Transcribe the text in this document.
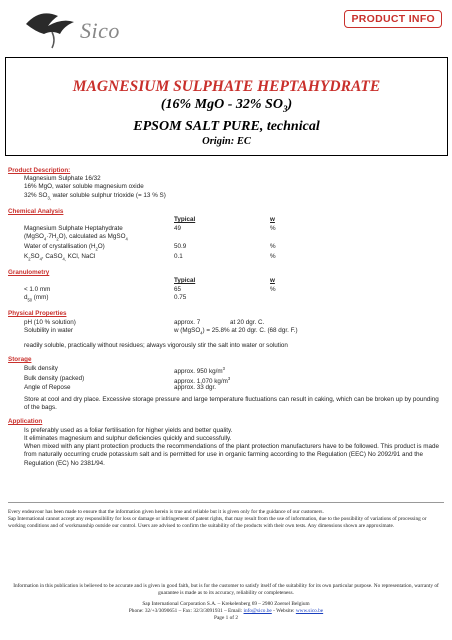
Sico	PRODUCT INFO
MAGNESIUM SULPHATE HEPTAHYDRATE
(16% MgO - 32% $SO_3$)
EPSOM SALT PURE, technical
Origin: EC
Product Description:
Magnesium Sulphate 16/32
16% MgO, water soluble magnesium oxide
32% $SO_{3,}$ water soluble sulphur trioxide (= 13 % S)
Chemical Analysis
Typical	w
Magnesium Sulphate Heptahydrate	49	%
$(MgSO_4\cdot 7H_2O)$, calculated as MgSO$_4$
Water of crystallisation $(H_2O)$	50.9	%
$K_2SO_4$, CaSO$_{4,}$ KCl, NaCl	0.1	%
Granulometry
Typical	w
< 1.0 mm	65	%
$d_{50}$ (mm)	0.75
Physical Properties
pH (10 % solution)	approx. 7	at 20 dgr. C.
Solubility in water	w (MgSO$_4$) = 25.8% at 20 dgr. C. (68 dgr. F.)
readily soluble, practically without residues; always vigorously stir the salt into water or solution
Storage
Bulk density	approx. 950 $kg/m^3$
Bulk density (packed)	approx. 1,070 $kg/m^3$
Angle of Repose	approx. 33 dgr.
Store at cool and dry place. Excessive storage pressure and large temperature fluctuations can result in caking, which can be broken up by pounding of the bags.
Application
Is preferably used as a foliar fertilisation for higher yields and better quality.
It eliminates magnesium and sulphur deficiencies quickly and successfully.
When mixed with any plant protection products the recommendations of the plant protection manufacturers have to be followed. This product is made from naturally occurring crude potassium salt and is permitted for use in organic farming according to the Regulation (EEC) No 2092/91 and the Regulation (EC) No 2381/94.
Every endeavour has been made to ensure that the information given herein is true and reliable but it is given only for the guidance of our customers.
Sap International cannot accept any responsibility for loss or damage or infringement of patent rights, that may result from the use of information, due to the possibility of variations of processing or working conditions and of workmanship outside our control. Users are advised to confirm the suitability of the products with their own tests. Any dimensions shown are approximate.
Information in this publication is believed to be accurate and is given in good faith, but is for the customer to satisfy itself of the suitability for its own particular purpose. No representation, warranty of guarantee is made as to its accuracy, reliability or completeness.
Sap International Corporation S.A. – Krekelenberg 69 – 2980 Zoersel Belgium
Phone: 32/+3/3090651 – Fax: 32/3/3091931 – Email: info@sico.be - Website: www.sico.be
Page 1 of 2
